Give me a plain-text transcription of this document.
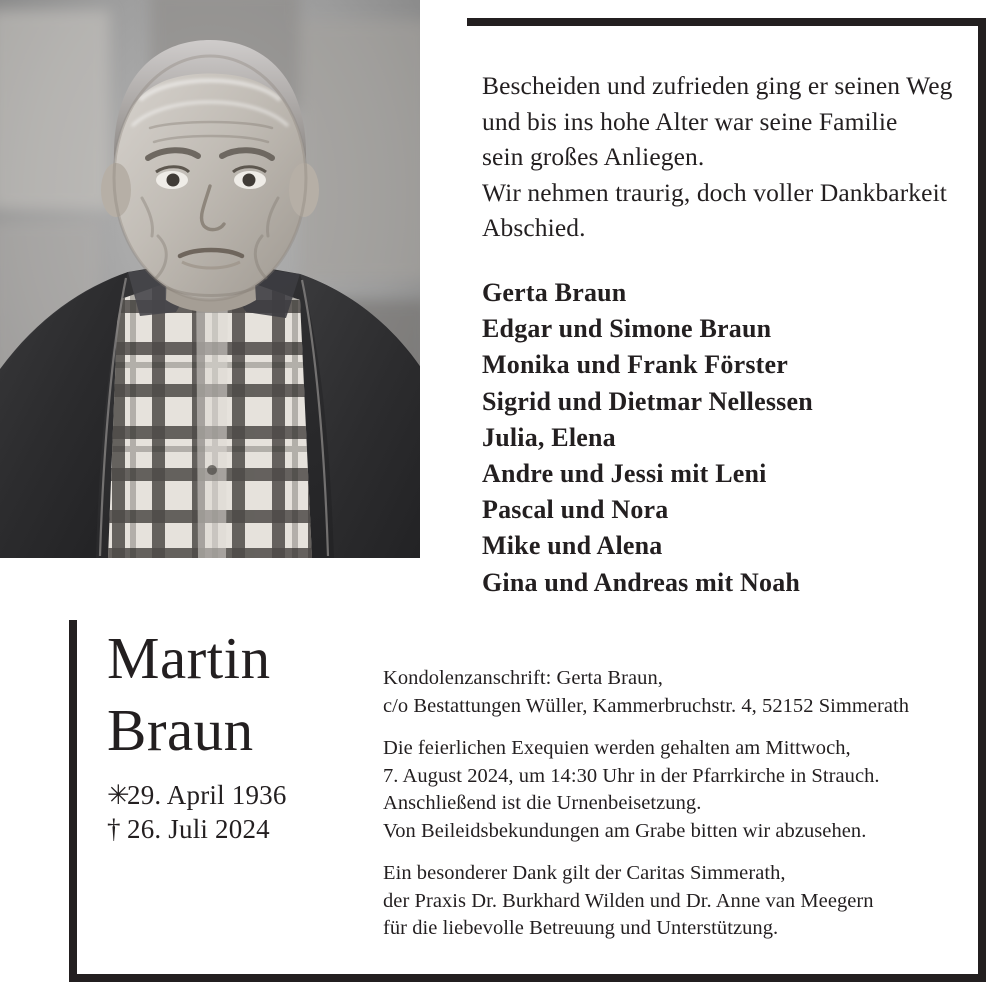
Bescheiden und zufrieden ging er seinen Weg
und bis ins hohe Alter war seine Familie
sein großes Anliegen.
Wir nehmen traurig, doch voller Dankbarkeit
Abschied.
Gerta Braun
Edgar und Simone Braun
Monika und Frank Förster
Sigrid und Dietmar Nellessen
Julia, Elena
Andre und Jessi mit Leni
Pascal und Nora
Mike und Alena
Gina und Andreas mit Noah
Martin
Braun
✳29. April 1936
† 26. Juli 2024
Kondolenzanschrift: Gerta Braun,
c/o Bestattungen Wüller, Kammerbruchstr. 4, 52152 Simmerath
Die feierlichen Exequien werden gehalten am Mittwoch,
7. August 2024, um 14:30 Uhr in der Pfarrkirche in Strauch.
Anschließend ist die Urnenbeisetzung.
Von Beileidsbekundungen am Grabe bitten wir abzusehen.
Ein besonderer Dank gilt der Caritas Simmerath,
der Praxis Dr. Burkhard Wilden und Dr. Anne van Meegern
für die liebevolle Betreuung und Unterstützung.
